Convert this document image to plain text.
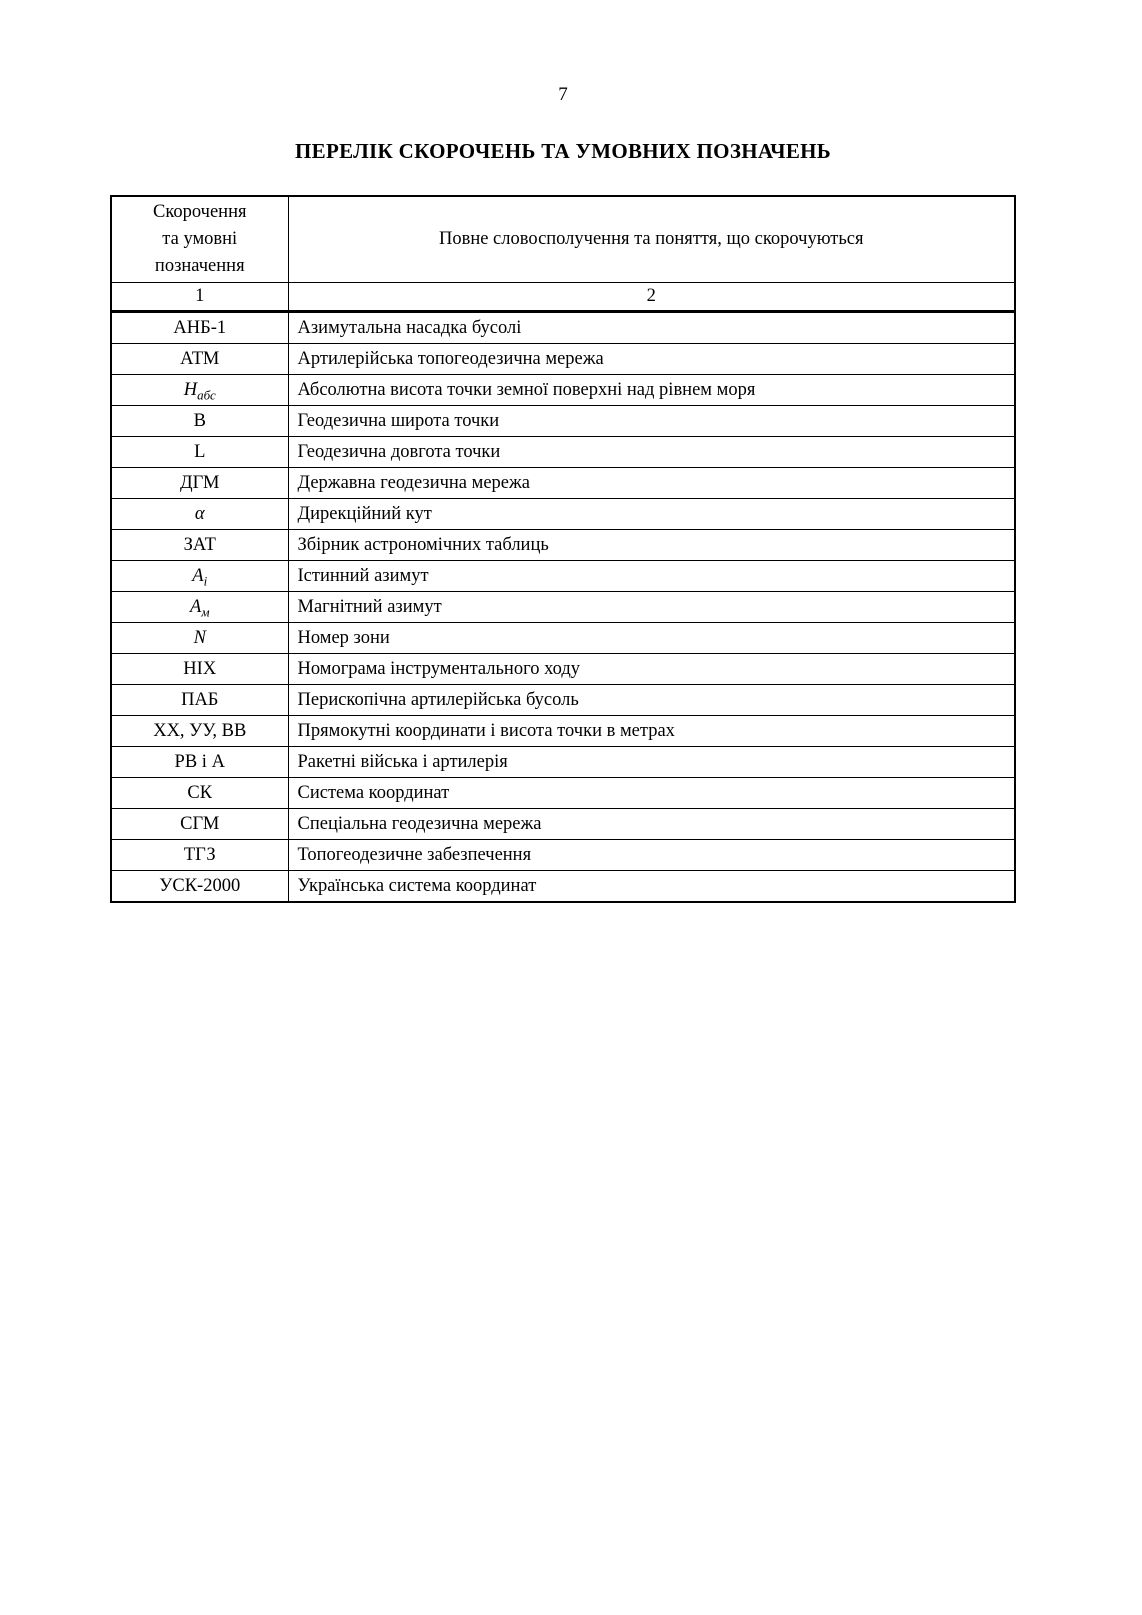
7
ПЕРЕЛІК СКОРОЧЕНЬ ТА УМОВНИХ ПОЗНАЧЕНЬ
Скорочення
та умовні
позначення	Повне словосполучення та поняття, що скорочуються
1	2
АНБ-1	Азимутальна насадка бусолі
АТМ	Артилерійська топогеодезична мережа
$Н_{абс}$	Абсолютна висота точки земної поверхні над рівнем моря
В	Геодезична широта точки
L	Геодезична довгота точки
ДГМ	Державна геодезична мережа
α	Дирекційний кут
ЗАТ	Збірник астрономічних таблиць
$А_і$	Істинний азимут
$А_м$	Магнітний азимут
N	Номер зони
НІХ	Номограма інструментального ходу
ПАБ	Перископічна артилерійська бусоль
ХХ, УУ, ВВ	Прямокутні координати і висота точки в метрах
РВ і А	Ракетні війська і артилерія
СК	Система координат
СГМ	Спеціальна геодезична мережа
ТГЗ	Топогеодезичне забезпечення
УСК-2000	Українська система координат
